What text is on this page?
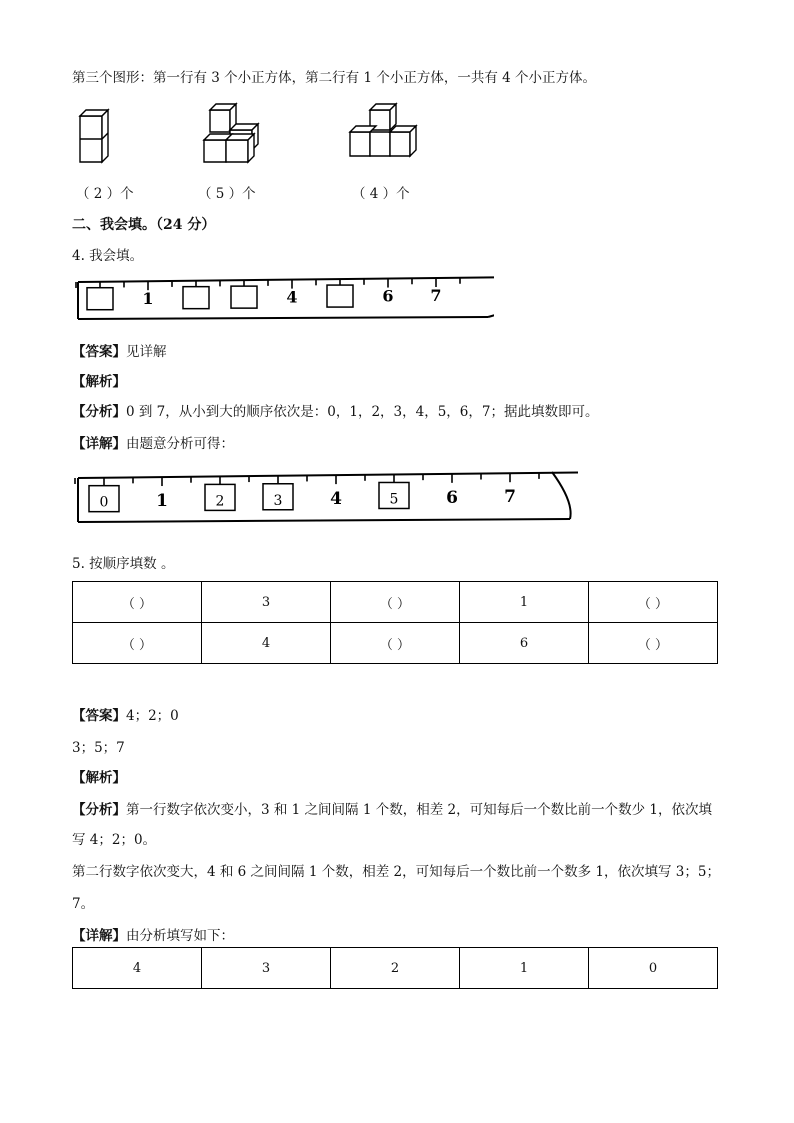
第三个图形：第一行有 3 个小正方体，第二行有 1 个小正方体，一共有 4 个小正方体。
（ 2 ）个	（ 5 ）个	（ 4 ）个
二、我会填。（24 分）
4. 我会填。
1	4	6 7
【答案】见详解
【解析】
【分析】0 到 7，从小到大的顺序依次是：0，1，2，3，4，5，6，7；据此填数即可。
【详解】由题意分析可得：
0	1	2	3	4	5	6	7
5. 按顺序填数 。
（ ）	3	（ ）	1	（ ）
（ ）	4	（ ）	6	（ ）
【答案】4；2；0
3；5；7
【解析】
【分析】第一行数字依次变小，3 和 1 之间间隔 1 个数，相差 2，可知每后一个数比前一个数少 1，依次填
写 4；2；0。
第二行数字依次变大，4 和 6 之间间隔 1 个数，相差 2，可知每后一个数比前一个数多 1，依次填写 3；5；
7。
【详解】由分析填写如下：
4	3	2	1	0
